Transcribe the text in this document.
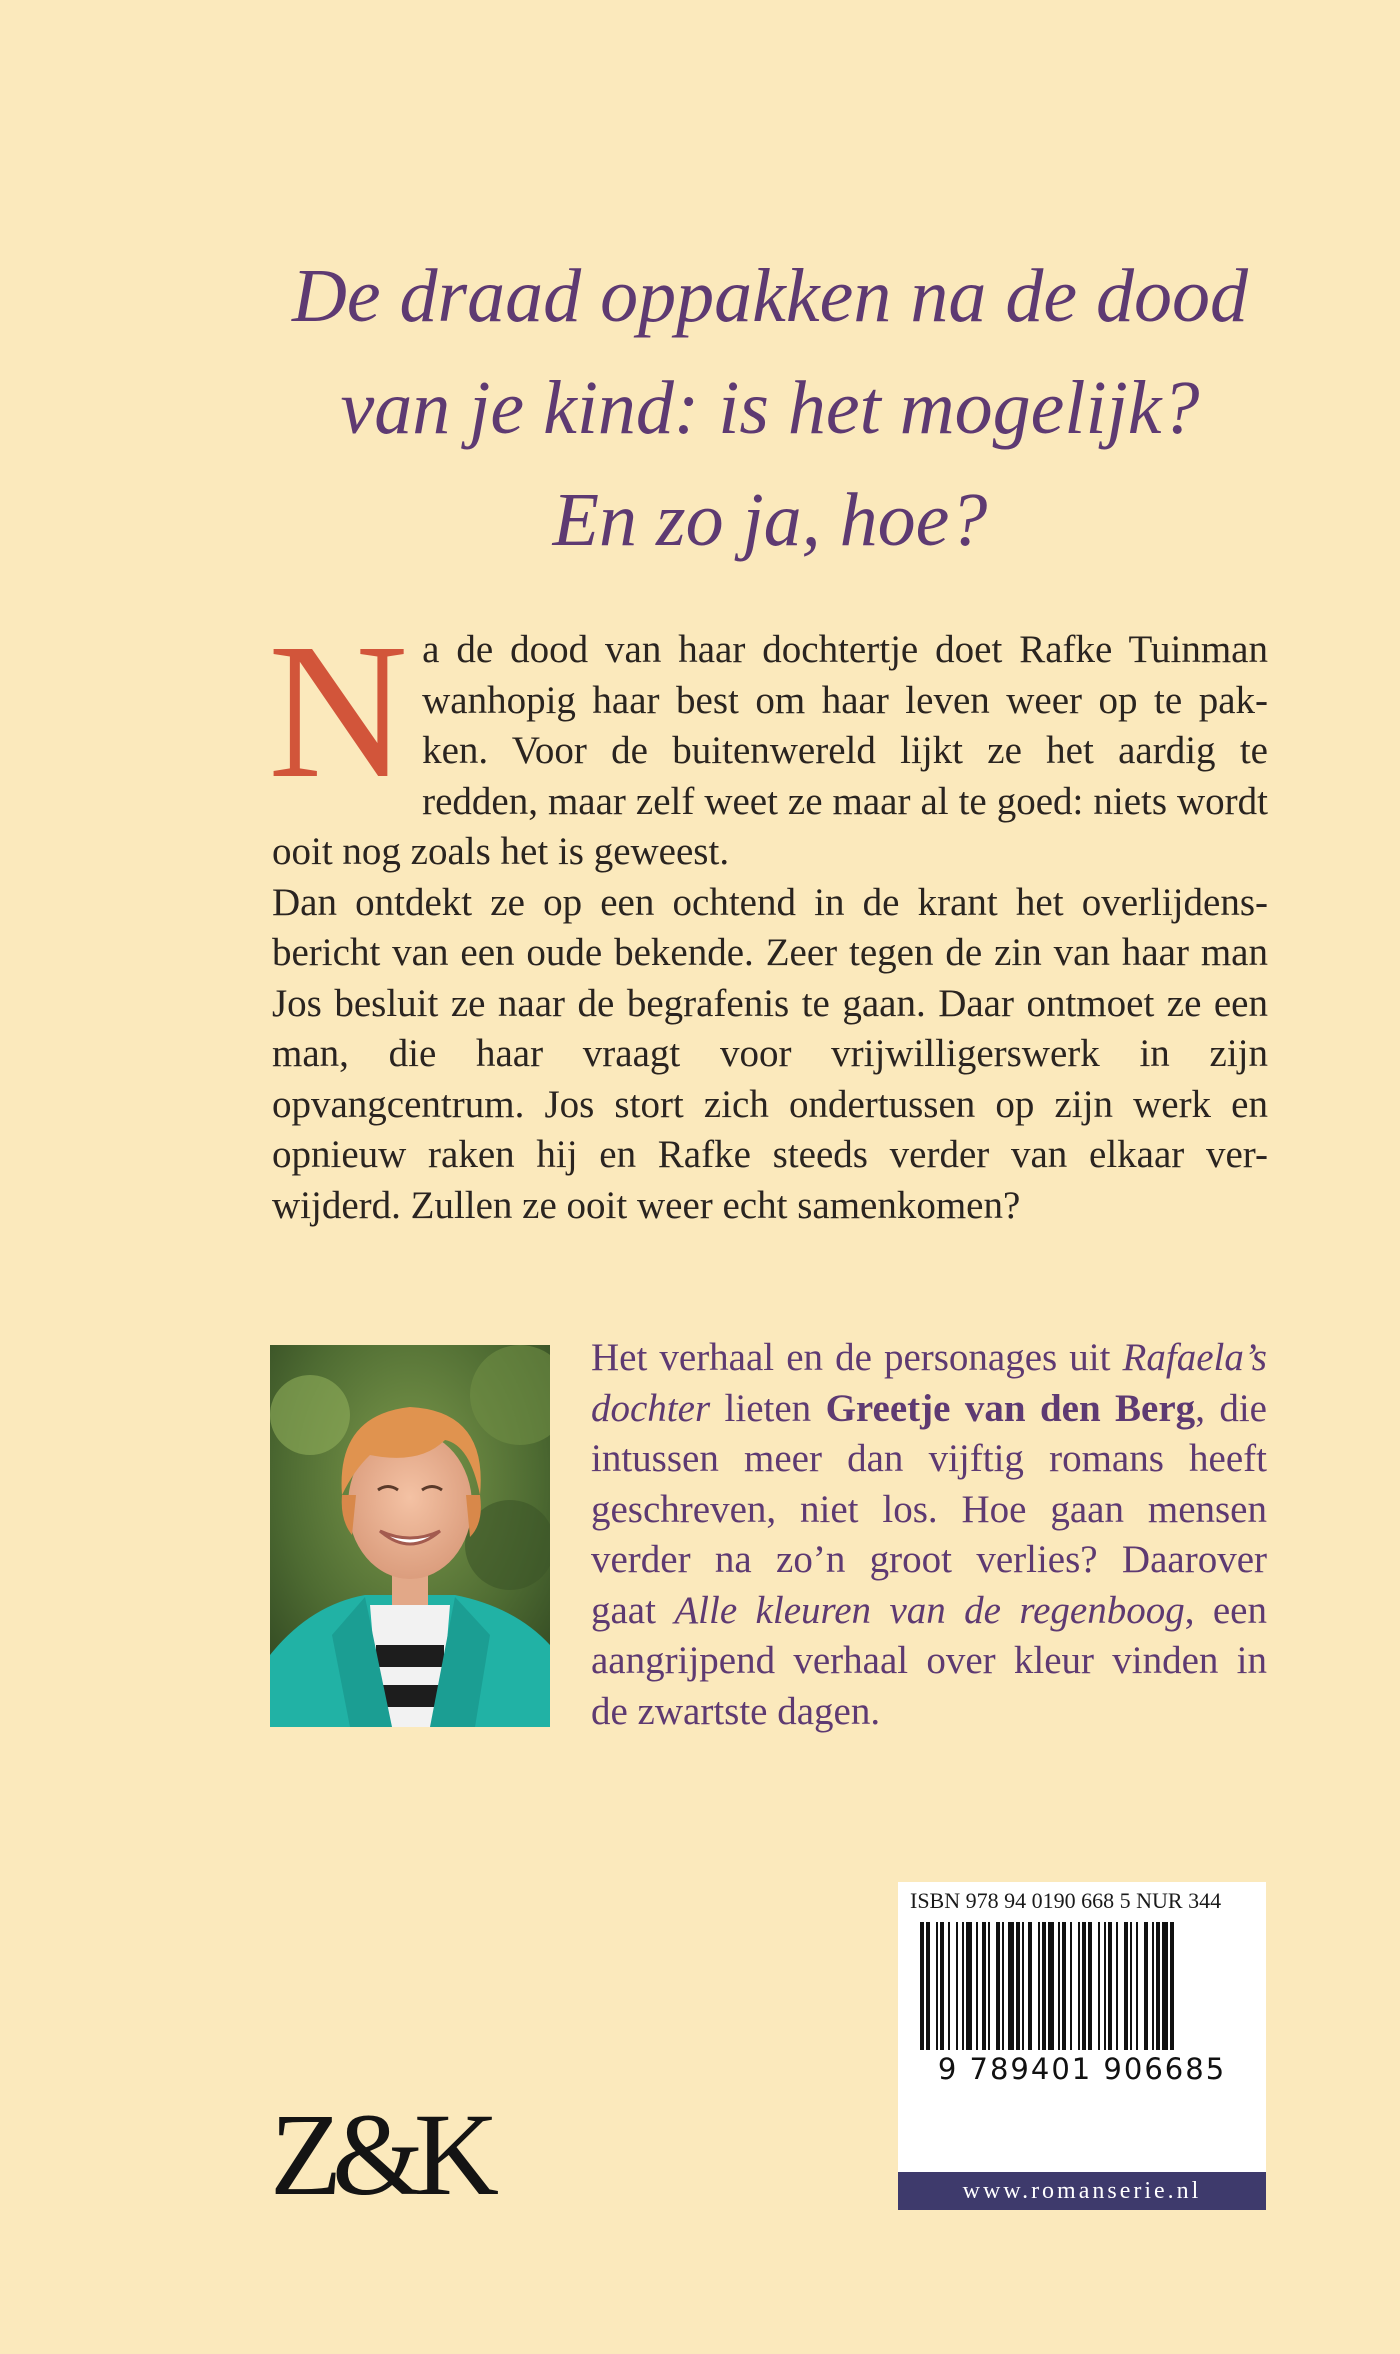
De draad oppakken na de dood
van je kind: is het mogelijk?
En zo ja, hoe?

Na de dood van haar dochtertje doet Rafke Tuinman wanhopig haar best om haar leven weer op te pak-ken. Voor de buitenwereld lijkt ze het aardig te redden, maar zelf weet ze maar al te goed: niets wordt ooit nog zoals het is geweest.

Dan ontdekt ze op een ochtend in de krant het overlijdens-bericht van een oude bekende. Zeer tegen de zin van haar man Jos besluit ze naar de begrafenis te gaan. Daar ontmoet ze een man, die haar vraagt voor vrijwilligerswerk in zijn opvangcentrum. Jos stort zich ondertussen op zijn werk en opnieuw raken hij en Rafke steeds verder van elkaar ver-wijderd. Zullen ze ooit weer echt samenkomen?

Het verhaal en de personages uit Rafaela’s dochter lieten Greetje van den Berg, die intussen meer dan vijftig romans heeft geschreven, niet los. Hoe gaan mensen verder na zo’n groot verlies? Daarover gaat Alle kleuren van de regenboog, een aangrijpend verhaal over kleur vinden in de zwartste dagen.

ISBN 978 94 0190 668 5 NUR 344
9 789401 906685
www.romanserie.nl
Z&K
